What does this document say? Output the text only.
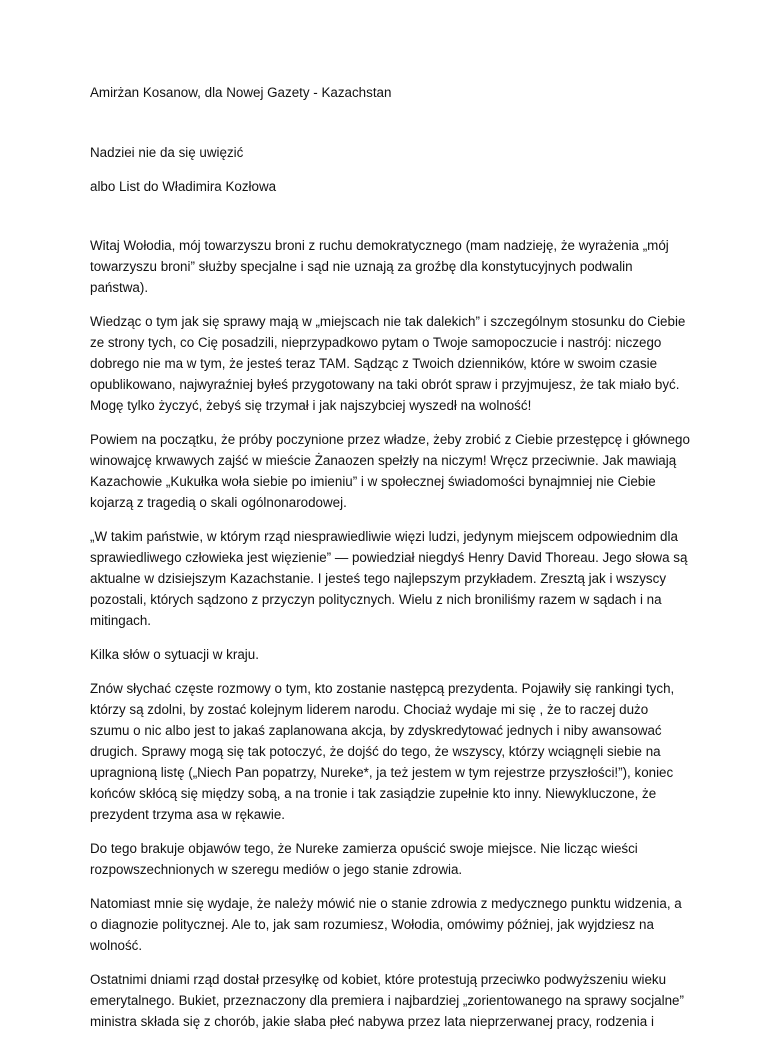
Amirżan Kosanow, dla Nowej Gazety - Kazachstan

Nadziei nie da się uwięzić

albo List do Władimira Kozłowa

Witaj Wołodia, mój towarzyszu broni z ruchu demokratycznego (mam nadzieję, że wyrażenia „mój towarzyszu broni” służby specjalne i sąd nie uznają za groźbę dla konstytucyjnych podwalin państwa).

Wiedząc o tym jak się sprawy mają w „miejscach nie tak dalekich” i szczególnym stosunku do Ciebie ze strony tych, co Cię posadzili, nieprzypadkowo pytam o Twoje samopoczucie i nastrój: niczego dobrego nie ma w tym, że jesteś teraz TAM. Sądząc z Twoich dzienników, które w swoim czasie opublikowano, najwyraźniej byłeś przygotowany na taki obrót spraw i przyjmujesz, że tak miało być. Mogę tylko życzyć, żebyś się trzymał i jak najszybciej wyszedł na wolność!

Powiem na początku, że próby poczynione przez władze, żeby zrobić z Ciebie przestępcę i głównego winowajcę krwawych zajść w mieście Żanaozen spełzły na niczym! Wręcz przeciwnie. Jak mawiają Kazachowie „Kukułka woła siebie po imieniu” i w społecznej świadomości bynajmniej nie Ciebie kojarzą z tragedią o skali ogólnonarodowej.

„W takim państwie, w którym rząd niesprawiedliwie więzi ludzi, jedynym miejscem odpowiednim dla sprawiedliwego człowieka jest więzienie” — powiedział niegdyś Henry David Thoreau. Jego słowa są aktualne w dzisiejszym Kazachstanie. I jesteś tego najlepszym przykładem. Zresztą jak i wszyscy pozostali, których sądzono z przyczyn politycznych. Wielu z nich broniliśmy razem w sądach i na mitingach.

Kilka słów o sytuacji w kraju.

Znów słychać częste rozmowy o tym, kto zostanie następcą prezydenta. Pojawiły się rankingi tych, którzy są zdolni, by zostać kolejnym liderem narodu. Chociaż wydaje mi się , że to raczej dużo szumu o nic albo jest to jakaś zaplanowana akcja, by zdyskredytować jednych i niby awansować drugich. Sprawy mogą się tak potoczyć, że dojść do tego, że wszyscy, którzy wciągnęli siebie na upragnioną listę („Niech Pan popatrzy, Nureke*, ja też jestem w tym rejestrze przyszłości!”), koniec końców skłócą się między sobą, a na tronie i tak zasiądzie zupełnie kto inny. Niewykluczone, że prezydent trzyma asa w rękawie.

Do tego brakuje objawów tego, że Nureke zamierza opuścić swoje miejsce. Nie licząc wieści rozpowszechnionych w szeregu mediów o jego stanie zdrowia.

Natomiast mnie się wydaje, że należy mówić nie o stanie zdrowia z medycznego punktu widzenia, a o diagnozie politycznej. Ale to, jak sam rozumiesz, Wołodia, omówimy później, jak wyjdziesz na wolność.

Ostatnimi dniami rząd dostał przesyłkę od kobiet, które protestują przeciwko podwyższeniu wieku emerytalnego. Bukiet, przeznaczony dla premiera i najbardziej „zorientowanego na sprawy socjalne” ministra składa się z chorób, jakie słaba płeć nabywa przez lata nieprzerwanej pracy, rodzenia i
